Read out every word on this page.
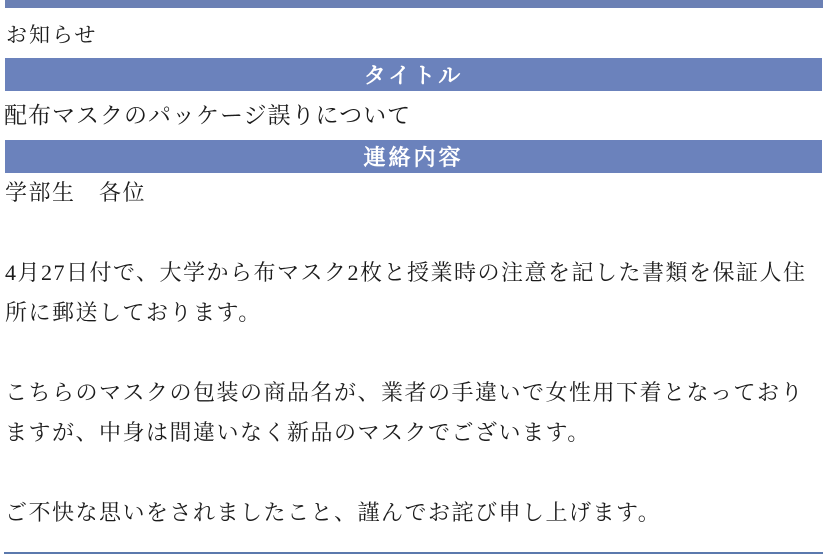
お知らせ
タイトル
配布マスクのパッケージ誤りについて
連絡内容

学部生　各位

4月27日付で、大学から布マスク2枚と授業時の注意を記した書類を保証人住所に郵送しております。

こちらのマスクの包装の商品名が、業者の手違いで女性用下着となっておりますが、中身は間違いなく新品のマスクでございます。

ご不快な思いをされましたこと、謹んでお詫び申し上げます。
